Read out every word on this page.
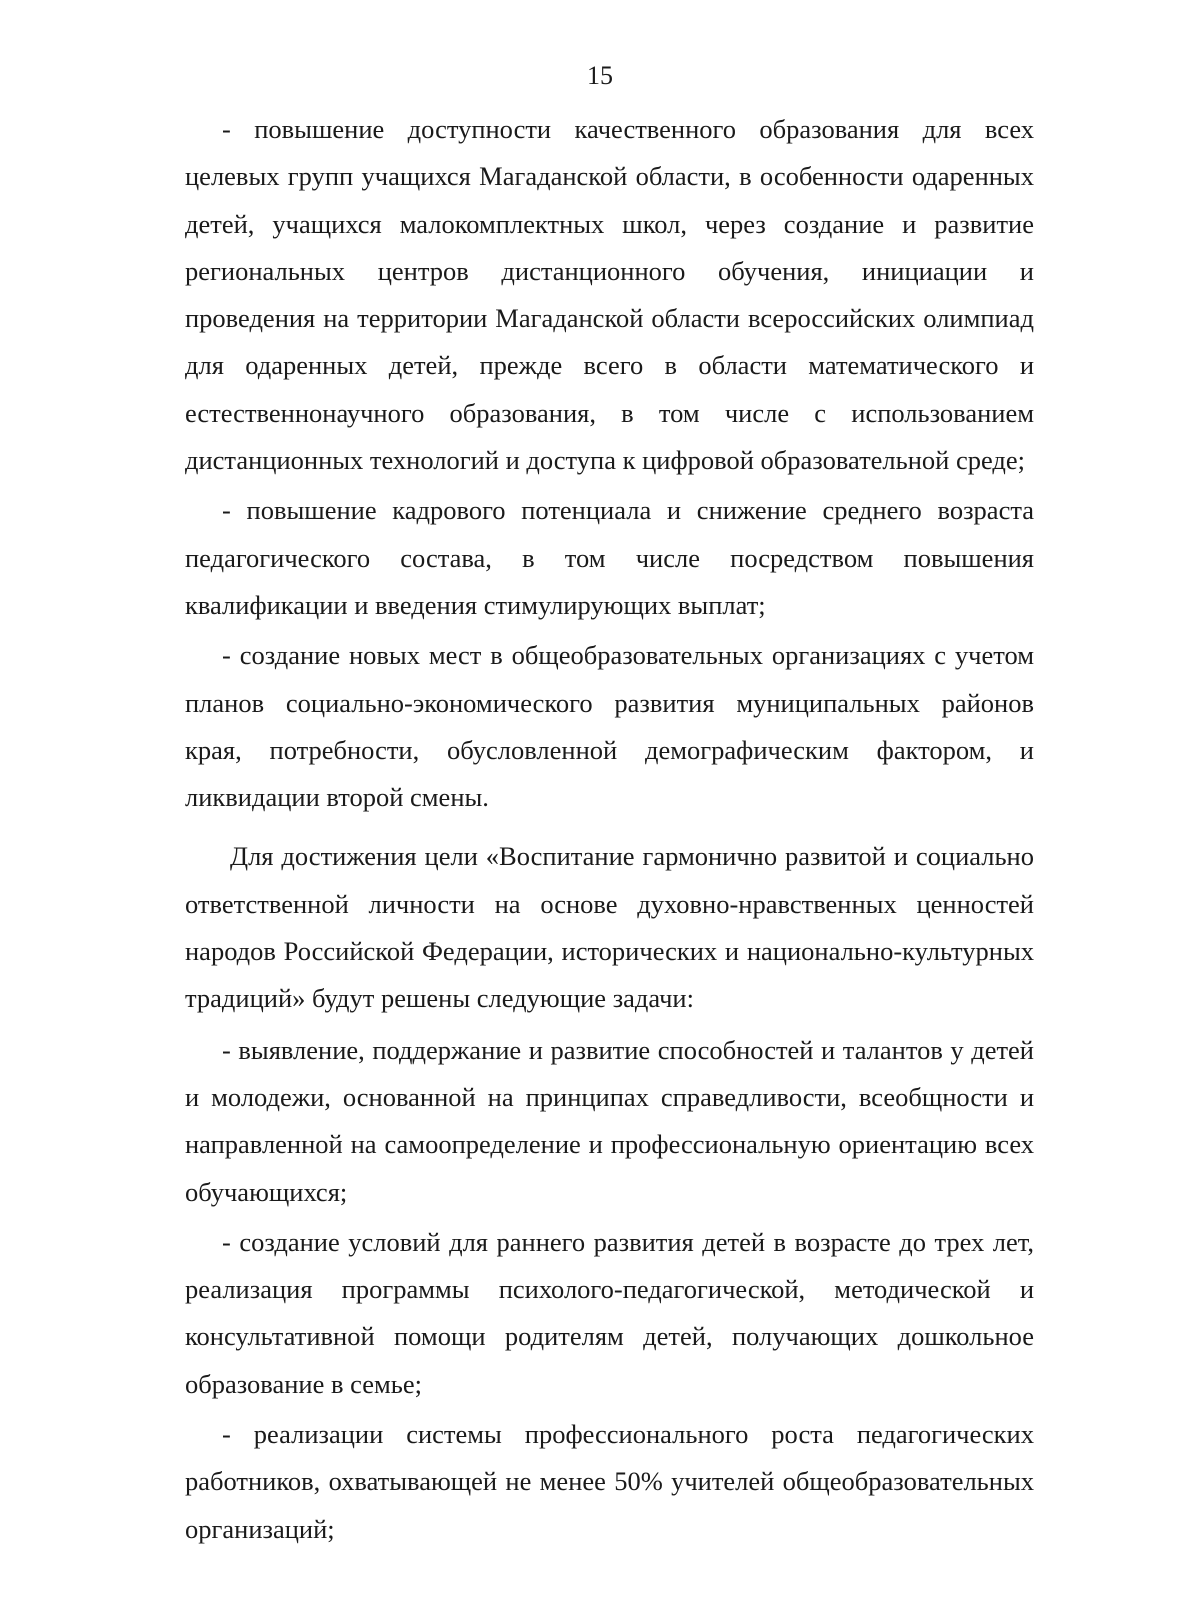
15

- повышение доступности качественного образования для всех целевых групп учащихся Магаданской области, в особенности одаренных детей, учащихся малокомплектных школ, через создание и развитие региональных центров дистанционного обучения, инициации и проведения на территории Магаданской области всероссийских олимпиад для одаренных детей, прежде всего в области математического и естественнонаучного образования, в том числе с использованием дистанционных технологий и доступа к цифровой образовательной среде;

- повышение кадрового потенциала и снижение среднего возраста педагогического состава, в том числе посредством повышения квалификации и введения стимулирующих выплат;

- создание новых мест в общеобразовательных организациях с учетом планов социально-экономического развития муниципальных районов края, потребности, обусловленной демографическим фактором, и ликвидации второй смены.

Для достижения цели «Воспитание гармонично развитой и социально ответственной личности на основе духовно-нравственных ценностей народов Российской Федерации, исторических и национально-культурных традиций» будут решены следующие задачи:

- выявление, поддержание и развитие способностей и талантов у детей и молодежи, основанной на принципах справедливости, всеобщности и направленной на самоопределение и профессиональную ориентацию всех обучающихся;

- создание условий для раннего развития детей в возрасте до трех лет, реализация программы психолого-педагогической, методической и консультативной помощи родителям детей, получающих дошкольное образование в семье;

- реализации системы профессионального роста педагогических работников, охватывающей не менее 50% учителей общеобразовательных организаций;
